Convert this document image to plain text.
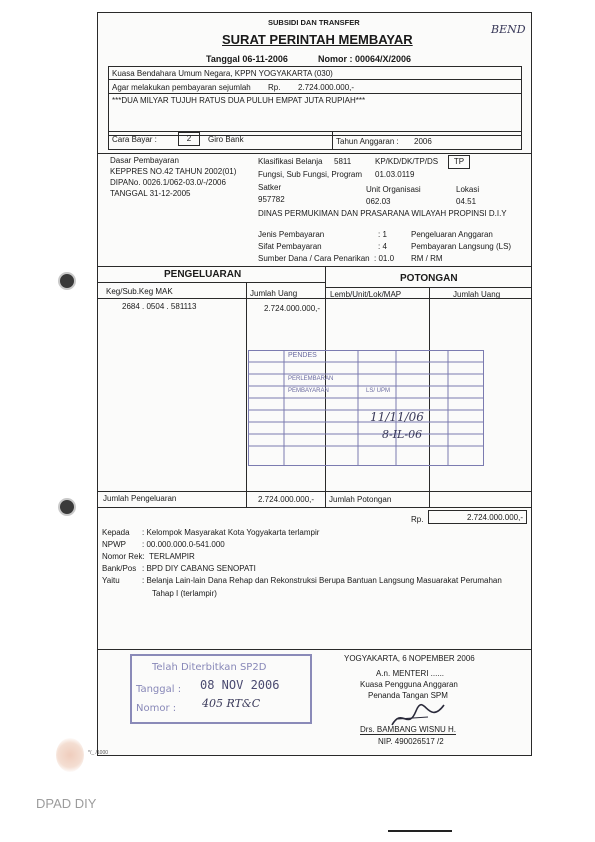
SUBSIDI DAN TRANSFER
SURAT PERINTAH MEMBAYAR
BEND
Tanggal 06-11-2006	Nomor : 00064/X/2006
Kuasa Bendahara Umum Negara, KPPN YOGYAKARTA (030)
Agar melakukan pembayaran sejumlah Rp. 2.724.000.000,-
***DUA MILYAR TUJUH RATUS DUA PULUH EMPAT JUTA RUPIAH***
Cara Bayar :	2	Giro Bank	Tahun Anggaran : 2006
Dasar Pembayaran
KEPPRES NO.42 TAHUN 2002(01)
DIPANo. 0026.1/062-03.0/-/2006
TANGGAL 31-12-2005
Klasifikasi Belanja 5811	KP/KD/DK/TP/DS	TP
Fungsi, Sub Fungsi, Program 01.03.0119
Satker	Unit Organisasi	Lokasi
957782	062.03	04.51
DINAS PERMUKIMAN DAN PRASARANA WILAYAH PROPINSI D.I.Y
Jenis Pembayaran	: 1	Pengeluaran Anggaran
Sifat Pembayaran	: 4	Pembayaran Langsung (LS)
Sumber Dana / Cara Penarikan : 01.0 RM / RM
PENGELUARAN	POTONGAN
Keg/Sub.Keg MAK	Jumlah Uang	Lemb/Unit/Lok/MAP	Jumlah Uang
2684 . 0504 . 581113	2.724.000.000,-
Jumlah Pengeluaran	2.724.000.000,- Jumlah Potongan
Rp.	2.724.000.000,-
Kepada : Kelompok Masyarakat Kota Yogyakarta terlampir
NPWP : 00.000.000.0-541.000
Nomor Rek: TERLAMPIR
Bank/Pos : BPD DIY CABANG SENOPATI
Yaitu	: Belanja Lain-lain Dana Rehap dan Rekonstruksi Berupa Bantuan Langsung Masuarakat Perumahan
Tahap I (terlampir)
YOGYAKARTA, 6 NOPEMBER 2006
A.n. MENTERI ......
Kuasa Pengguna Anggaran
Penanda Tangan SPM
Drs. BAMBANG WISNU H.
NIP. 490026517 /2
PENDES
PERLEMBARAN
PEMBAYARAN	LS/ UPM
11/11/06
8-IL-06
Telah Diterbitkan SP2D
Tanggal : 08 NOV 2006
Nomor : 405 RT&C
*/_ /1000
DPAD DIY
